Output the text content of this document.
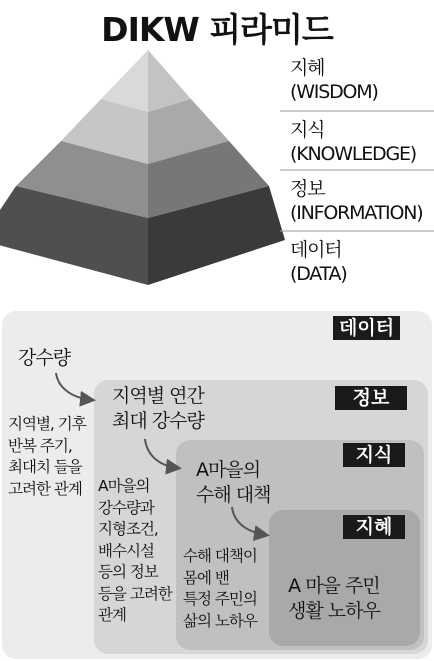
DIKW 피라미드
지혜
(WISDOM)
지식
(KNOWLEDGE)
정보
(INFORMATION)
데이터
(DATA)
데이터
강수량
지역별, 기후
반복 주기,
최대치 들을
고려한 관계
정보
지역별 연간
최대 강수량
A마을의
강수량과
지형조건,
배수시설
등의 정보
등을 고려한
관계
지식
A마을의
수해 대책
수해 대책이
몸에 밴
특정 주민의
삶의 노하우
지혜
A 마을 주민
생활 노하우
